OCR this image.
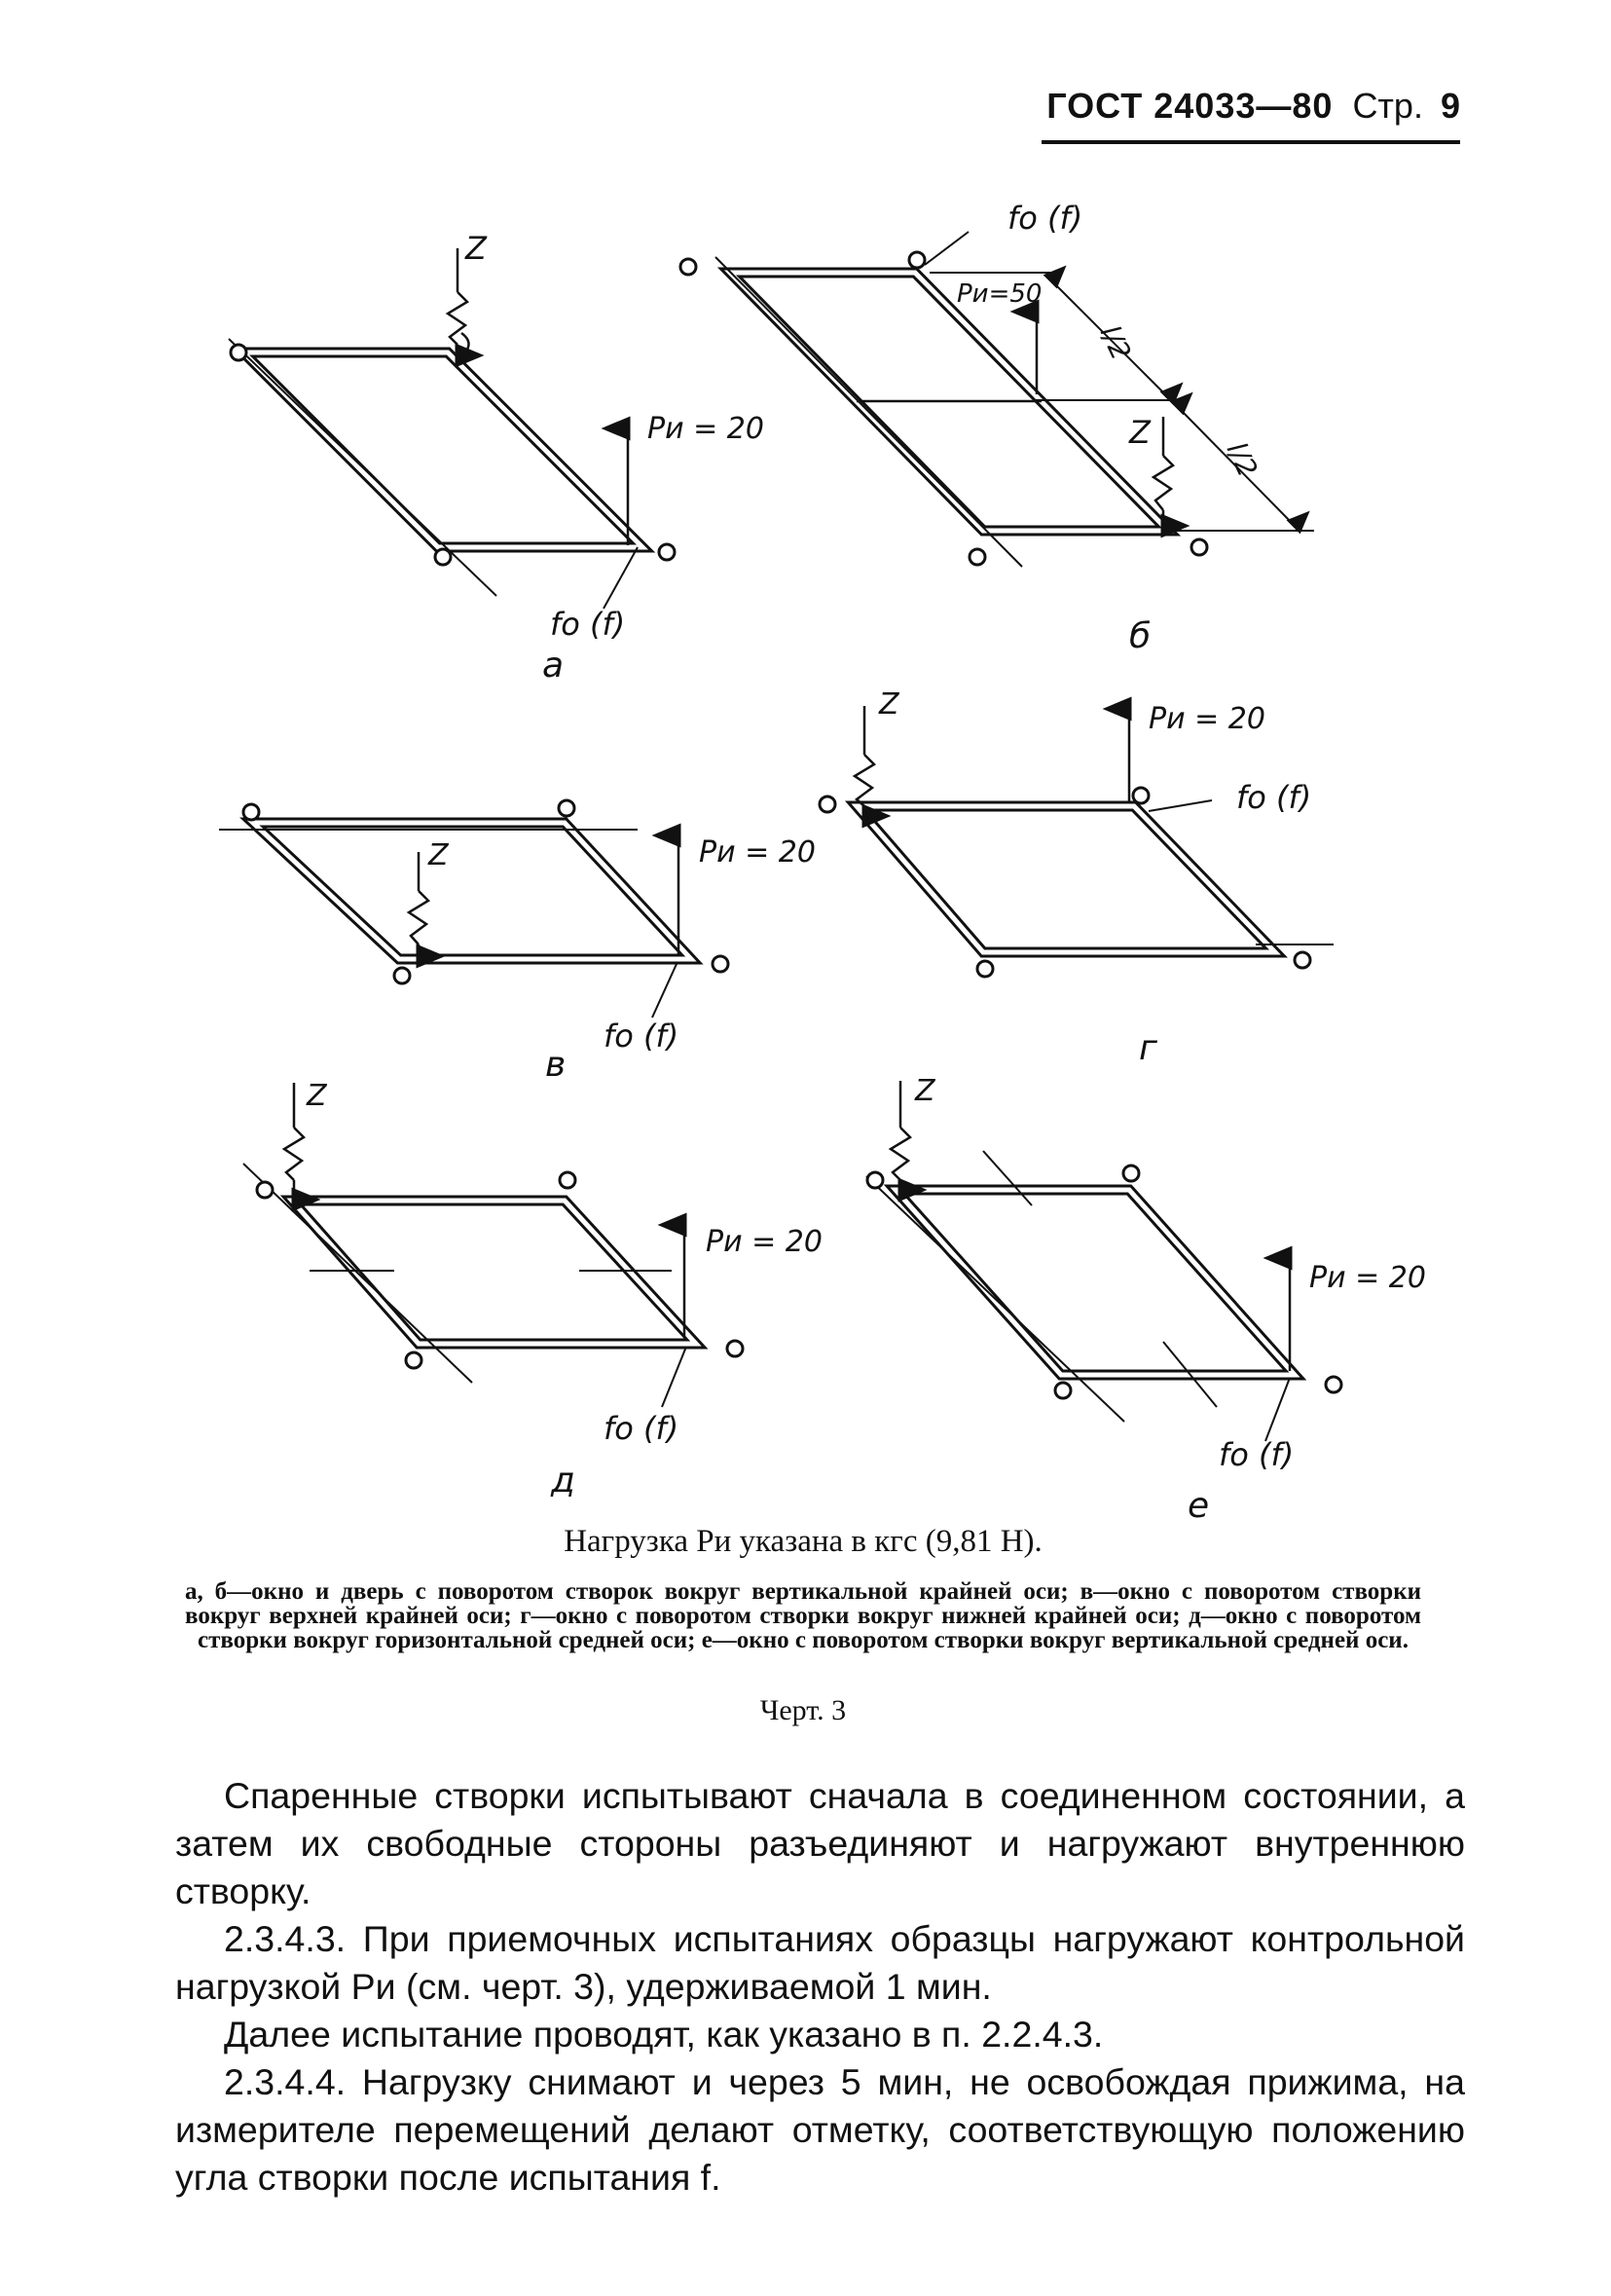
ГОСТ 24033—80 Стр. 9
Z
Pи = 20
fо (f)
а
fо (f)
Pи=50
Z
l/2
l/2
б
Z	Pи = 20
fо (f)
в
Z	Pи = 20
fо (f)
г
Z
Pи = 20
fо (f)
д
Z
Pи = 20
fо (f)
е
Нагрузка Ри указана в кгс (9,81 Н).
а, б—окно и дверь с поворотом створок вокруг вертикальной крайней оси; в—окно с поворотом створки вокруг верхней крайней оси; г—окно с поворотом створки вокруг нижней крайней оси; д—окно с поворотом створки вокруг горизонтальной средней оси; е—окно с поворотом створки вокруг вертикальной средней оси.
Черт. 3

Спаренные створки испытывают сначала в соединенном состоянии, а затем их свободные стороны разъединяют и нагружают внутреннюю створку.

2.3.4.3. При приемочных испытаниях образцы нагружают контрольной нагрузкой Ри (см. черт. 3), удерживаемой 1 мин.

Далее испытание проводят, как указано в п. 2.2.4.3.

2.3.4.4. Нагрузку снимают и через 5 мин, не освобождая прижима, на измерителе перемещений делают отметку, соответствующую положению угла створки после испытания f.
